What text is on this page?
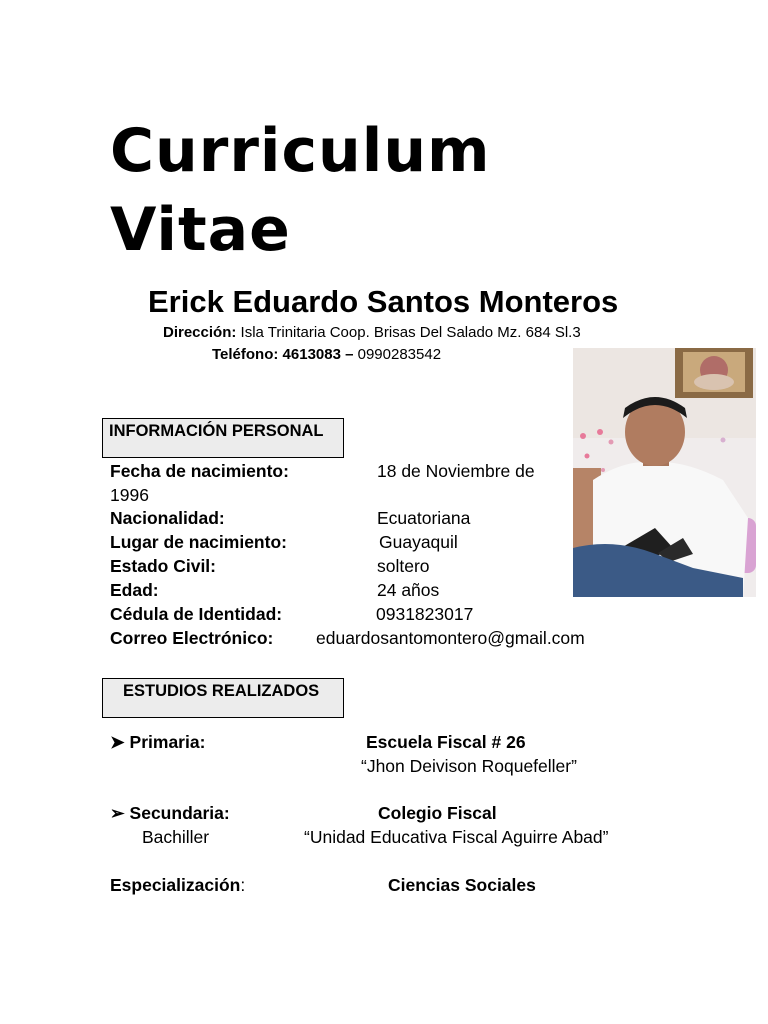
Curriculum
Vitae
Erick Eduardo Santos Monteros
Dirección: Isla Trinitaria Coop. Brisas Del Salado Mz. 684 Sl.3
Teléfono: 4613083 – 0990283542
INFORMACIÓN PERSONAL
Fecha de nacimiento:	18 de Noviembre de
1996
Nacionalidad:	Ecuatoriana
Lugar de nacimiento:	Guayaquil
Estado Civil:	soltero
Edad:	24 años
Cédula de Identidad:	0931823017
Correo Electrónico: eduardosantomontero@gmail.com
ESTUDIOS REALIZADOS
➤ Primaria:	Escuela Fiscal # 26
“Jhon Deivison Roquefeller”
➢ Secundaria:	Colegio Fiscal
Bachiller	“Unidad Educativa Fiscal Aguirre Abad”
Especialización:	Ciencias Sociales
